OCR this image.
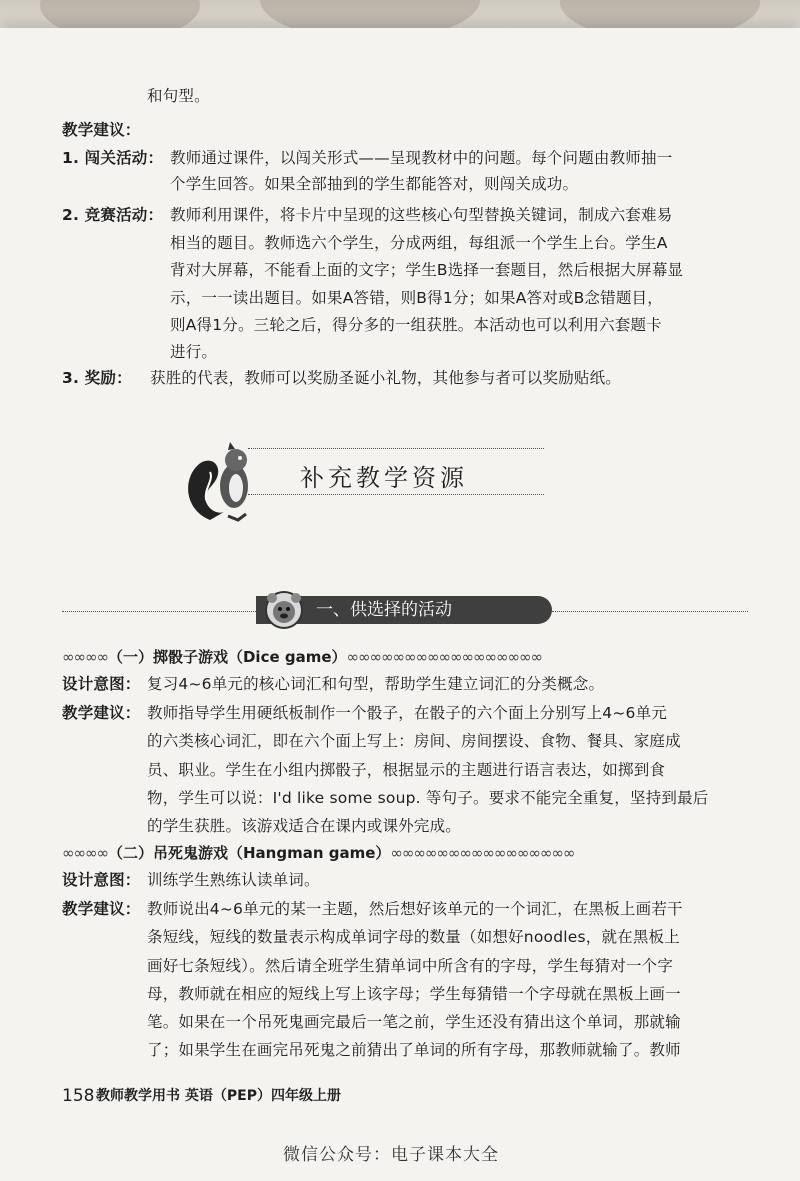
和句型。
教学建议：
1. 闯关活动： 教师通过课件，以闯关形式——呈现教材中的问题。每个问题由教师抽一
个学生回答。如果全部抽到的学生都能答对，则闯关成功。
2. 竞赛活动： 教师利用课件，将卡片中呈现的这些核心句型替换关键词，制成六套难易
相当的题目。教师选六个学生，分成两组，每组派一个学生上台。学生A
背对大屏幕，不能看上面的文字；学生B选择一套题目，然后根据大屏幕显
示，一一读出题目。如果A答错，则B得1分；如果A答对或B念错题目，
则A得1分。三轮之后，得分多的一组获胜。本活动也可以利用六套题卡
进行。
3. 奖励： 获胜的代表，教师可以奖励圣诞小礼物，其他参与者可以奖励贴纸。
补充教学资源
一、供选择的活动
∞∞∞∞（一）掷骰子游戏（Dice game）∞∞∞∞∞∞∞∞∞∞∞∞∞∞∞∞∞
设计意图： 复习4~6单元的核心词汇和句型，帮助学生建立词汇的分类概念。
教学建议： 教师指导学生用硬纸板制作一个骰子，在骰子的六个面上分别写上4~6单元
的六类核心词汇，即在六个面上写上：房间、房间摆设、食物、餐具、家庭成
员、职业。学生在小组内掷骰子，根据显示的主题进行语言表达，如掷到食
物，学生可以说：I'd like some soup. 等句子。要求不能完全重复，坚持到最后
的学生获胜。该游戏适合在课内或课外完成。
∞∞∞∞（二）吊死鬼游戏（Hangman game）∞∞∞∞∞∞∞∞∞∞∞∞∞∞∞∞
设计意图： 训练学生熟练认读单词。
教学建议： 教师说出4~6单元的某一主题，然后想好该单元的一个词汇，在黑板上画若干
条短线，短线的数量表示构成单词字母的数量（如想好noodles，就在黑板上
画好七条短线）。然后请全班学生猜单词中所含有的字母，学生每猜对一个字
母，教师就在相应的短线上写上该字母；学生每猜错一个字母就在黑板上画一
笔。如果在一个吊死鬼画完最后一笔之前，学生还没有猜出这个单词，那就输
了；如果学生在画完吊死鬼之前猜出了单词的所有字母，那教师就输了。教师
158 教师教学用书 英语（PEP）四年级上册
微信公众号：电子课本大全
